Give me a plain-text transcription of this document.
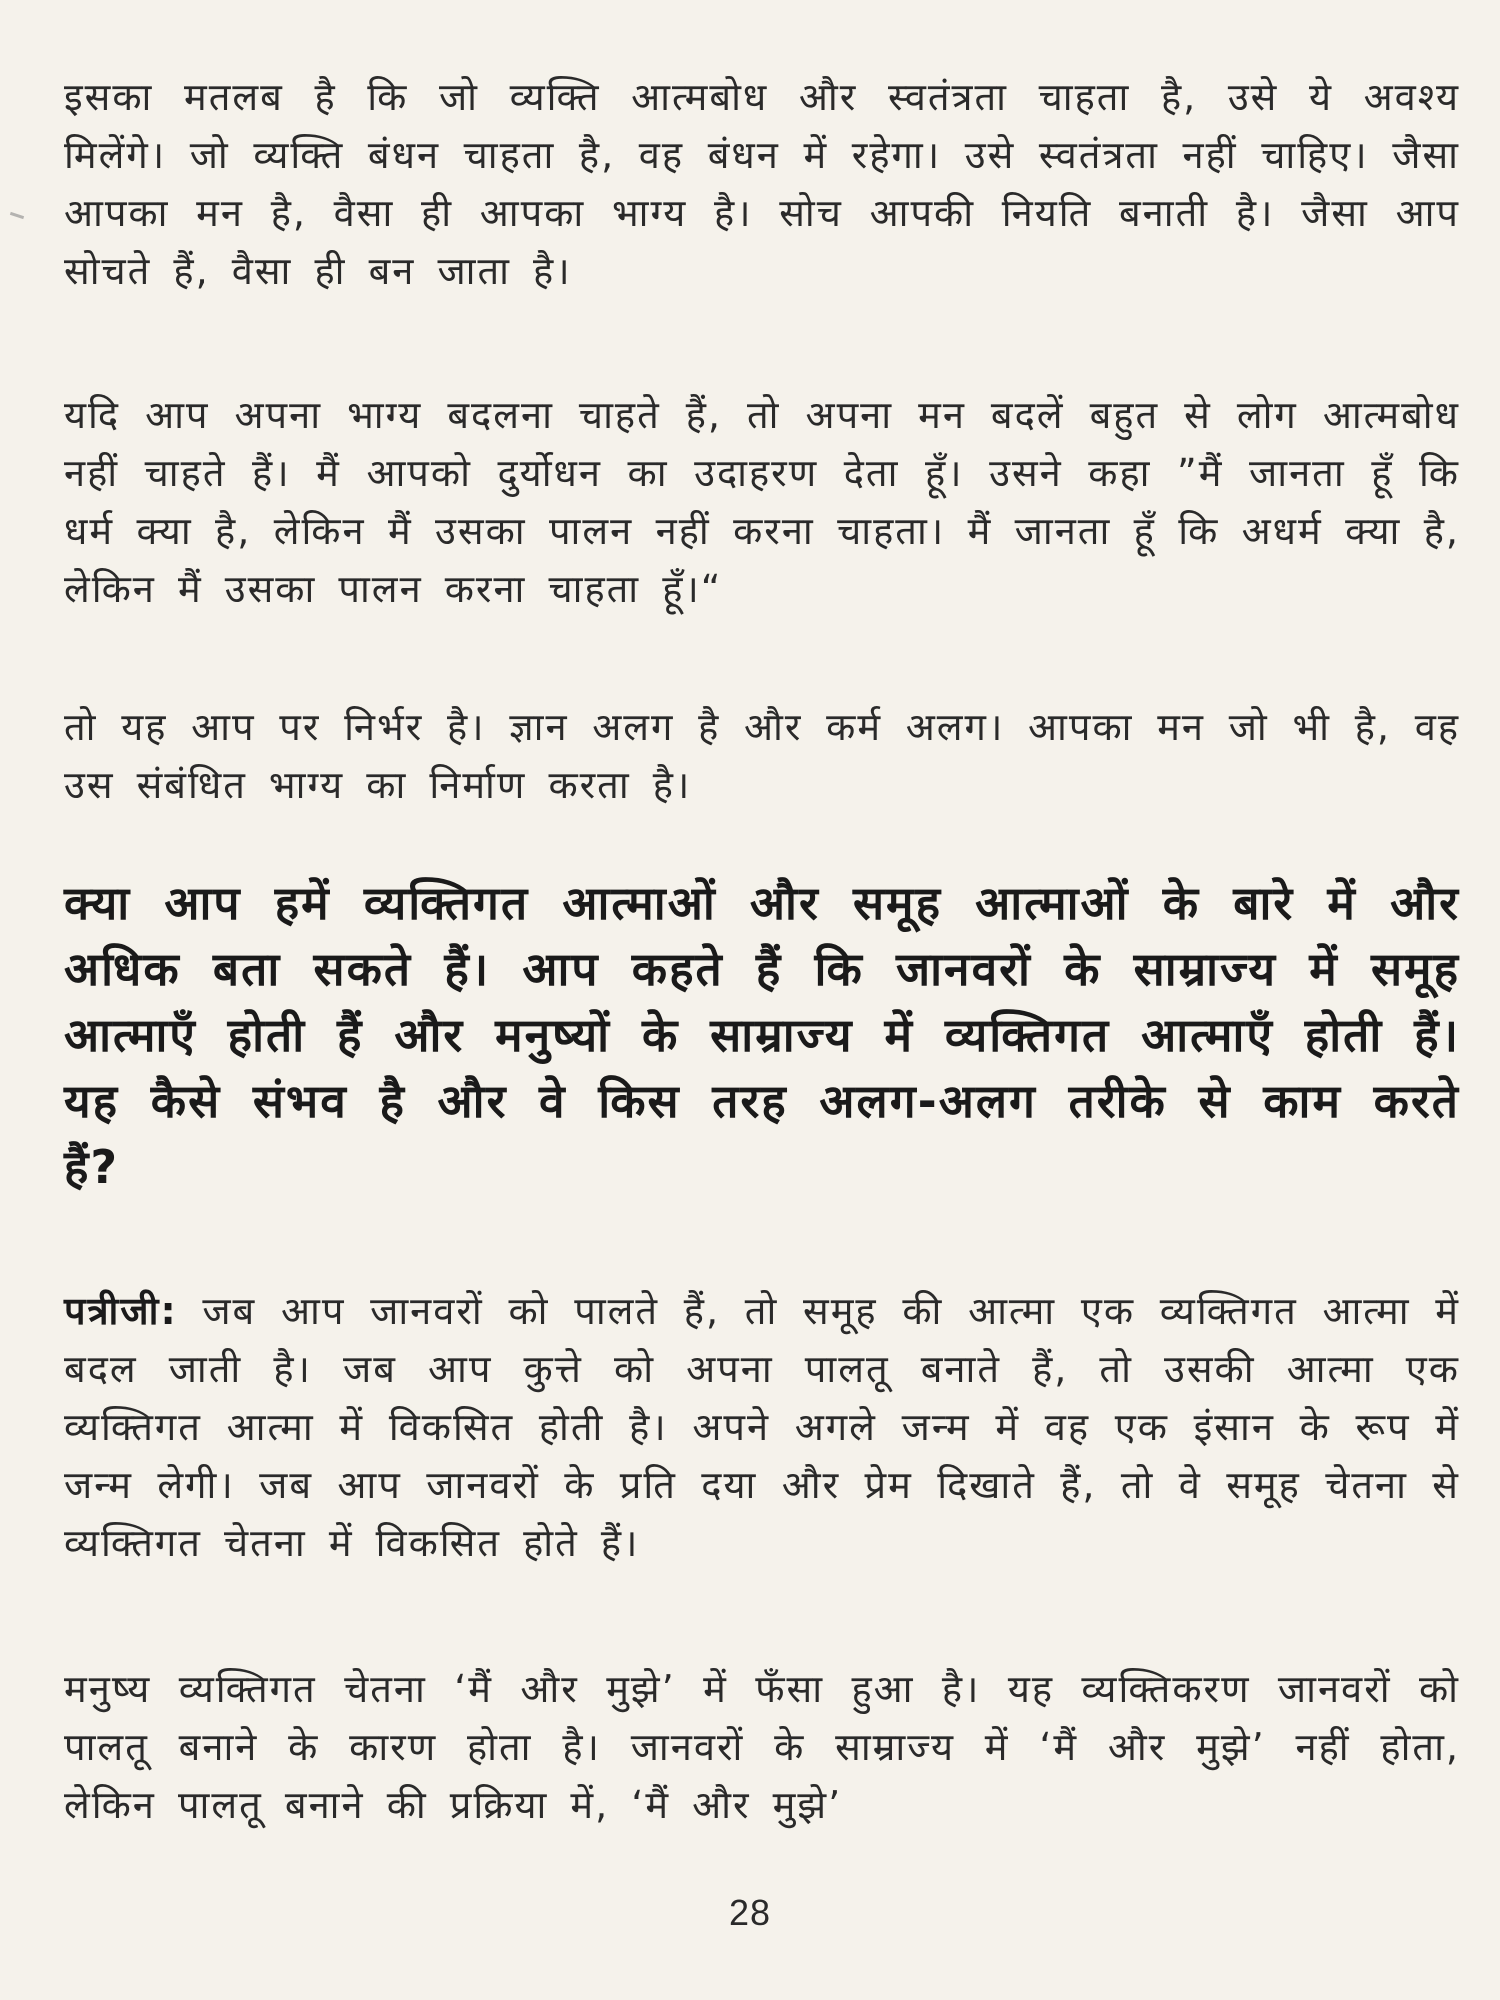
इसका मतलब है कि जो व्यक्ति आत्मबोध और स्वतंत्रता चाहता है, उसे ये अवश्य मिलेंगे। जो व्यक्ति बंधन चाहता है, वह बंधन में रहेगा। उसे स्वतंत्रता नहीं चाहिए। जैसा आपका मन है, वैसा ही आपका भाग्य है। सोच आपकी नियति बनाती है। जैसा आप सोचते हैं, वैसा ही बन जाता है।

यदि आप अपना भाग्य बदलना चाहते हैं, तो अपना मन बदलें बहुत से लोग आत्मबोध नहीं चाहते हैं। मैं आपको दुर्योधन का उदाहरण देता हूँ। उसने कहा ”मैं जानता हूँ कि धर्म क्या है, लेकिन मैं उसका पालन नहीं करना चाहता। मैं जानता हूँ कि अधर्म क्या है, लेकिन मैं उसका पालन करना चाहता हूँ।“

तो यह आप पर निर्भर है। ज्ञान अलग है और कर्म अलग। आपका मन जो भी है, वह उस संबंधित भाग्य का निर्माण करता है।

क्या आप हमें व्यक्तिगत आत्माओं और समूह आत्माओं के बारे में और अधिक बता सकते हैं। आप कहते हैं कि जानवरों के साम्राज्य में समूह आत्माएँ होती हैं और मनुष्यों के साम्राज्य में व्यक्तिगत आत्माएँ होती हैं। यह कैसे संभव है और वे किस तरह अलग-अलग तरीके से काम करते हैं?

पत्रीजी: जब आप जानवरों को पालते हैं, तो समूह की आत्मा एक व्यक्तिगत आत्मा में बदल जाती है। जब आप कुत्ते को अपना पालतू बनाते हैं, तो उसकी आत्मा एक व्यक्तिगत आत्मा में विकसित होती है। अपने अगले जन्म में वह एक इंसान के रूप में जन्म लेगी। जब आप जानवरों के प्रति दया और प्रेम दिखाते हैं, तो वे समूह चेतना से व्यक्तिगत चेतना में विकसित होते हैं।

मनुष्य व्यक्तिगत चेतना ‘मैं और मुझे’ में फँसा हुआ है। यह व्यक्तिकरण जानवरों को पालतू बनाने के कारण होता है। जानवरों के साम्राज्य में ‘मैं और मुझे’ नहीं होता, लेकिन पालतू बनाने की प्रक्रिया में, ‘मैं और मुझे’

28
